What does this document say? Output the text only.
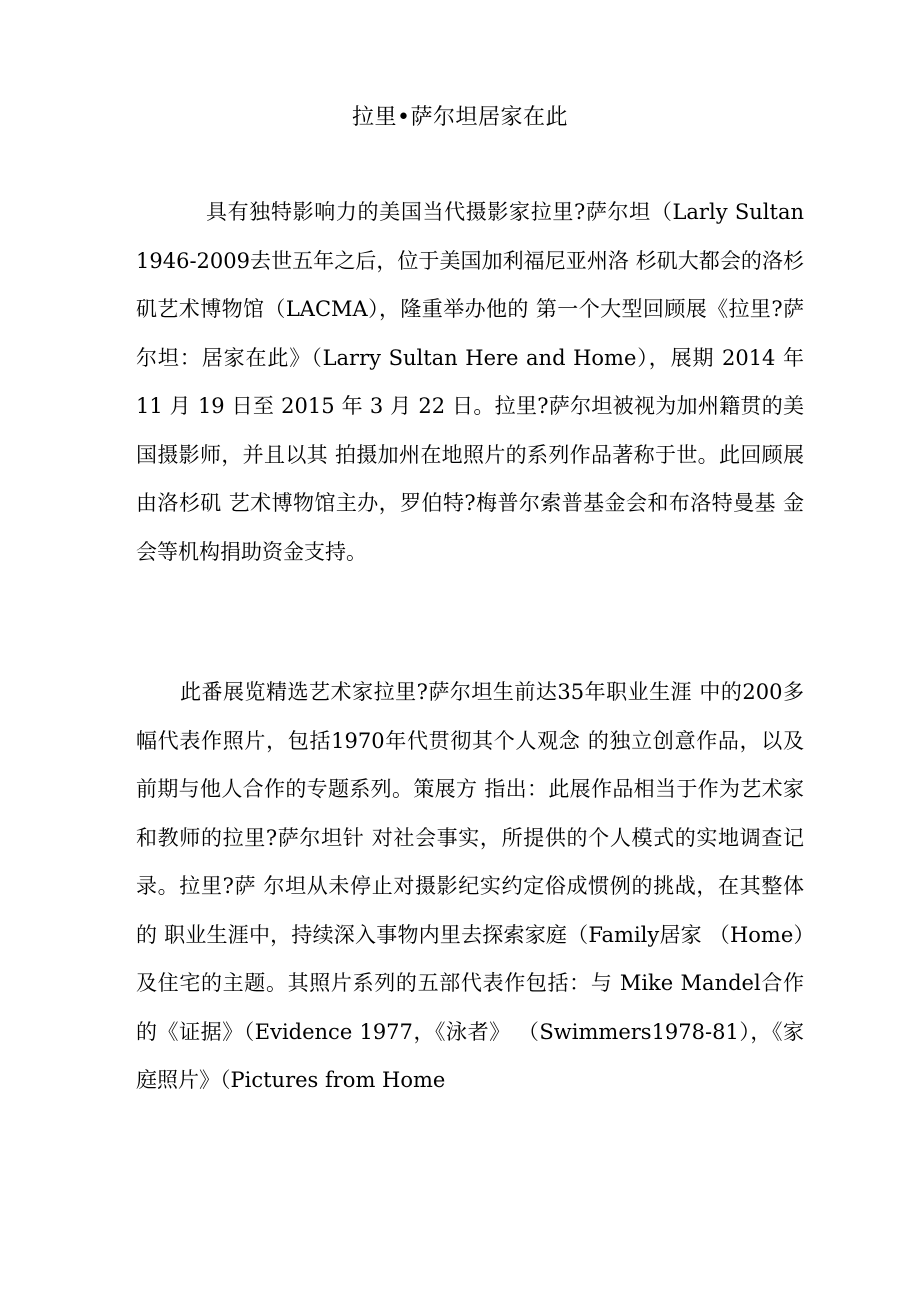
拉里•萨尔坦居家在此
具有独特影响力的美国当代摄影家拉里?萨尔坦（Larly Sultan 1946-2009去世五年之后，位于美国加利福尼亚州洛 杉矶大都会的洛杉矶艺术博物馆（LACMA），隆重举办他的 第一个大型回顾展《拉里?萨尔坦：居家在此》（Larry Sultan Here and Home），展期 2014 年 11 月 19 日至 2015 年 3 月 22 日。拉里?萨尔坦被视为加州籍贯的美国摄影师，并且以其 拍摄加州在地照片的系列作品著称于世。此回顾展由洛杉矶 艺术博物馆主办，罗伯特?梅普尔索普基金会和布洛特曼基 金会等机构捐助资金支持。
此番展览精选艺术家拉里?萨尔坦生前达35年职业生涯 中的200多幅代表作照片，包括1970年代贯彻其个人观念 的独立创意作品，以及前期与他人合作的专题系列。策展方 指出：此展作品相当于作为艺术家和教师的拉里?萨尔坦针 对社会事实，所提供的个人模式的实地调查记录。拉里?萨 尔坦从未停止对摄影纪实约定俗成惯例的挑战，在其整体的 职业生涯中，持续深入事物内里去探索家庭（Family居家 （Home）及住宅的主题。其照片系列的五部代表作包括：与 Mike Mandel合作的《证据》（Evidence 1977，《泳者》 （Swimmers1978-81），《家庭照片》（Pictures from Home
